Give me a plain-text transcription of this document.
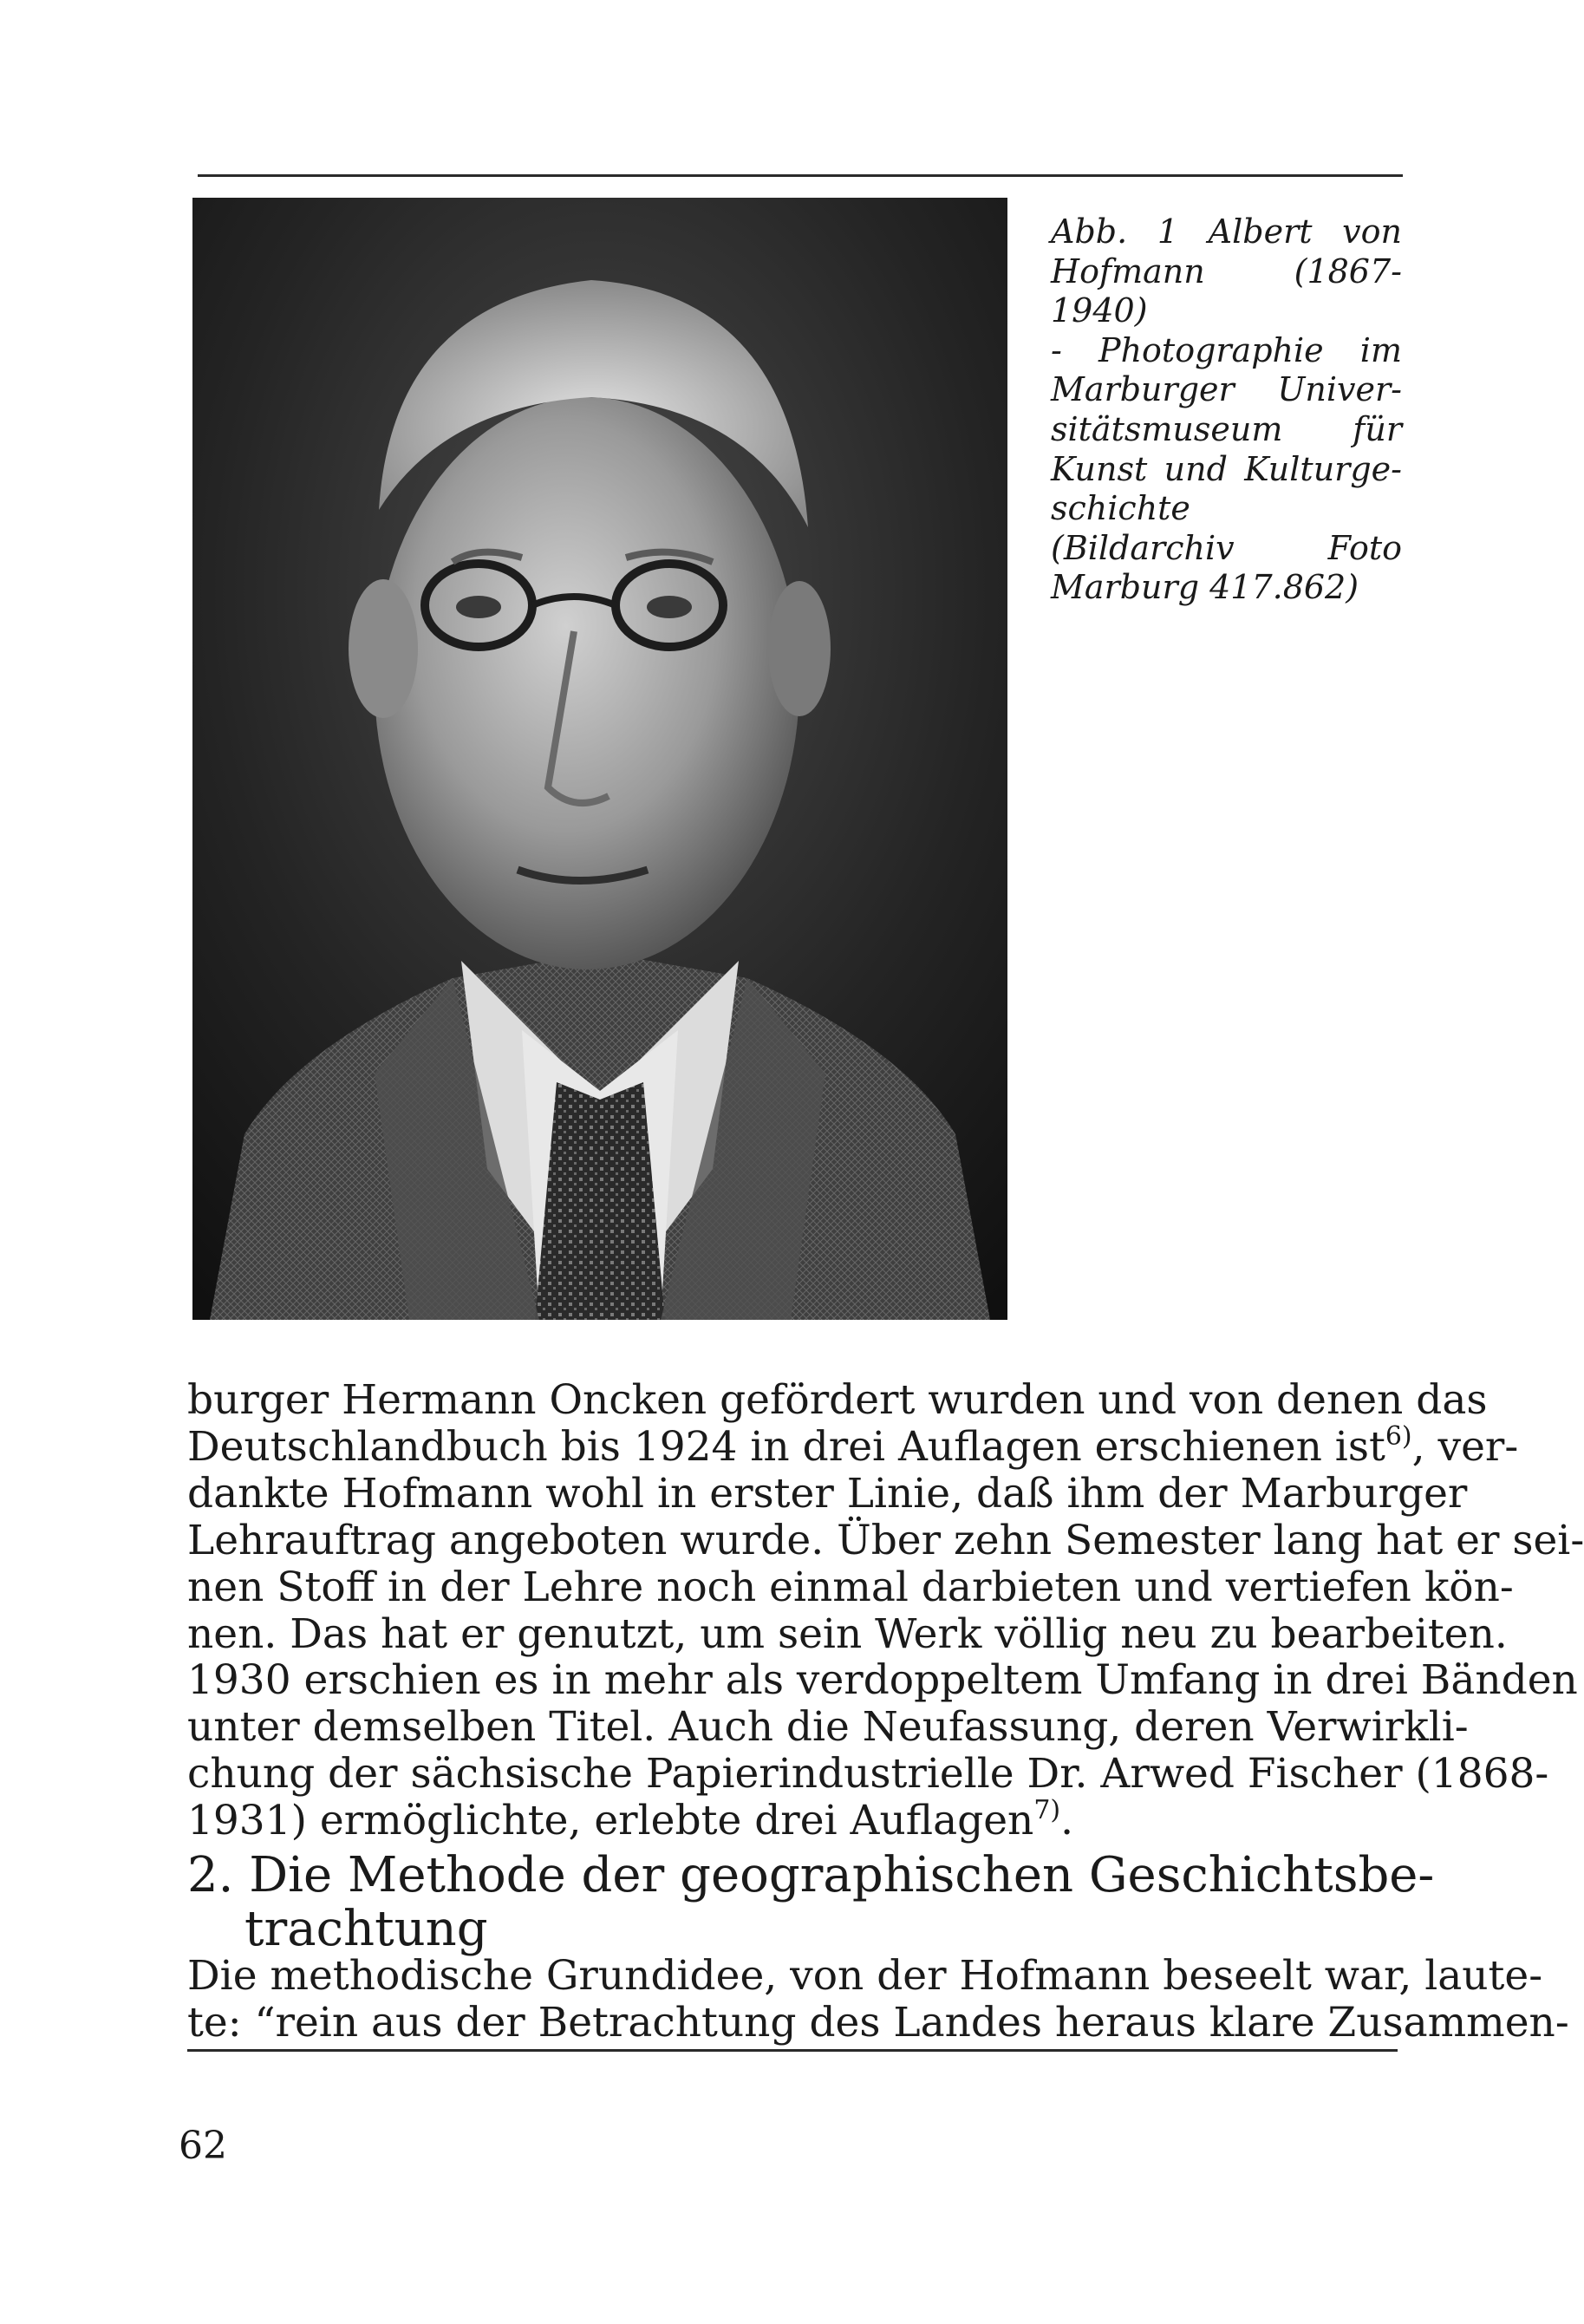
Abb. 1 Albert von
Hofmann (1867-1940)
- Photographie im
Marburger Univer-
sitätsmuseum für
Kunst und Kulturge-
schichte
(Bildarchiv Foto
Marburg 417.862)
burger Hermann Oncken gefördert wurden und von denen das
Deutschlandbuch bis 1924 in drei Auflagen erschienen ist$^{6)}$, ver-
dankte Hofmann wohl in erster Linie, daß ihm der Marburger
Lehrauftrag angeboten wurde. Über zehn Semester lang hat er sei-
nen Stoff in der Lehre noch einmal darbieten und vertiefen kön-
nen. Das hat er genutzt, um sein Werk völlig neu zu bearbeiten.
1930 erschien es in mehr als verdoppeltem Umfang in drei Bänden
unter demselben Titel. Auch die Neufassung, deren Verwirkli-
chung der sächsische Papierindustrielle Dr. Arwed Fischer (1868-
1931) ermöglichte, erlebte drei Auflagen$^{7)}$.
2. Die Methode der geographischen Geschichtsbe-
trachtung
Die methodische Grundidee, von der Hofmann beseelt war, laute-
te: “rein aus der Betrachtung des Landes heraus klare Zusammen-
62
